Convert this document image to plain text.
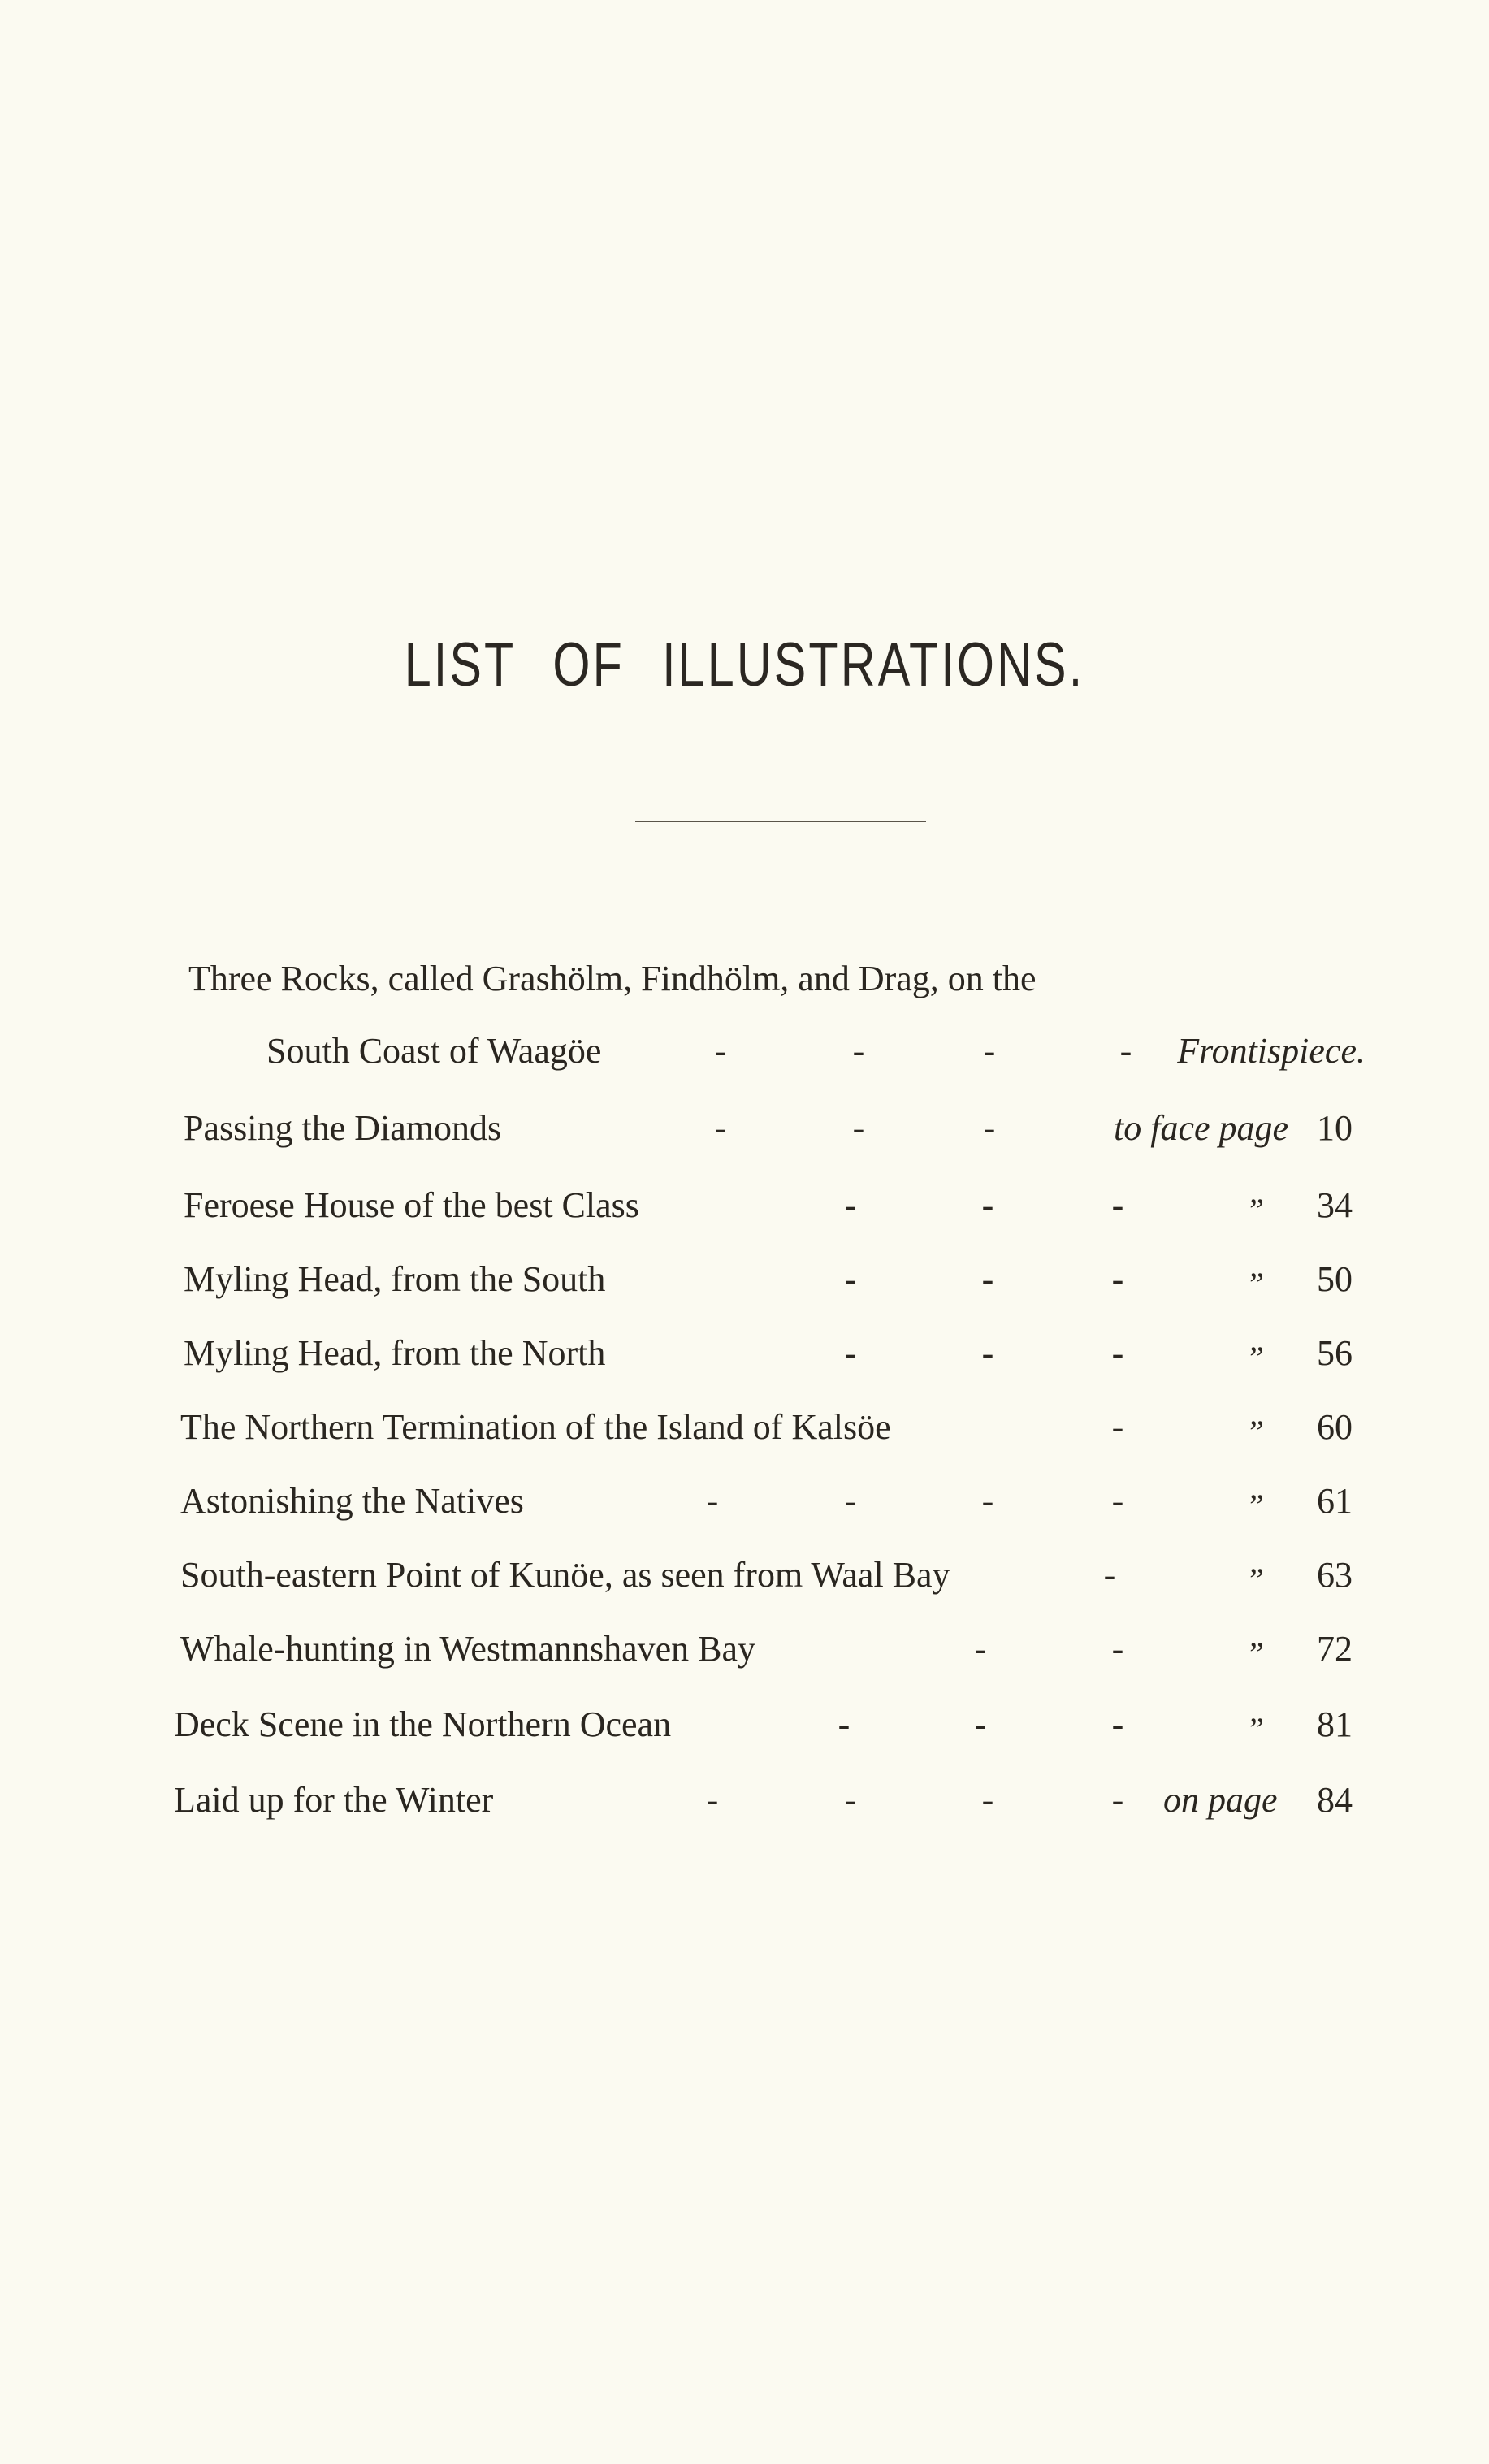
LIST OF ILLUSTRATIONS.
Three Rocks, called Grashölm, Findhölm, and Drag, on the
South Coast of Waagöe	-	-	-	- Frontispiece.
Passing the Diamonds	-	-	-	to face page 10
Feroese House of the best Class	-	-	-	” 34
Myling Head, from the South	-	-	-	” 50
Myling Head, from the North	-	-	-	” 56
The Northern Termination of the Island of Kalsöe	-	” 60
Astonishing the Natives	-	-	-	-	” 61
South-eastern Point of Kunöe, as seen from Waal Bay	-	” 63
Whale-hunting in Westmannshaven Bay	-	-	” 72
Deck Scene in the Northern Ocean	-	-	-	” 81
Laid up for the Winter	-	-	-	- on page 84
